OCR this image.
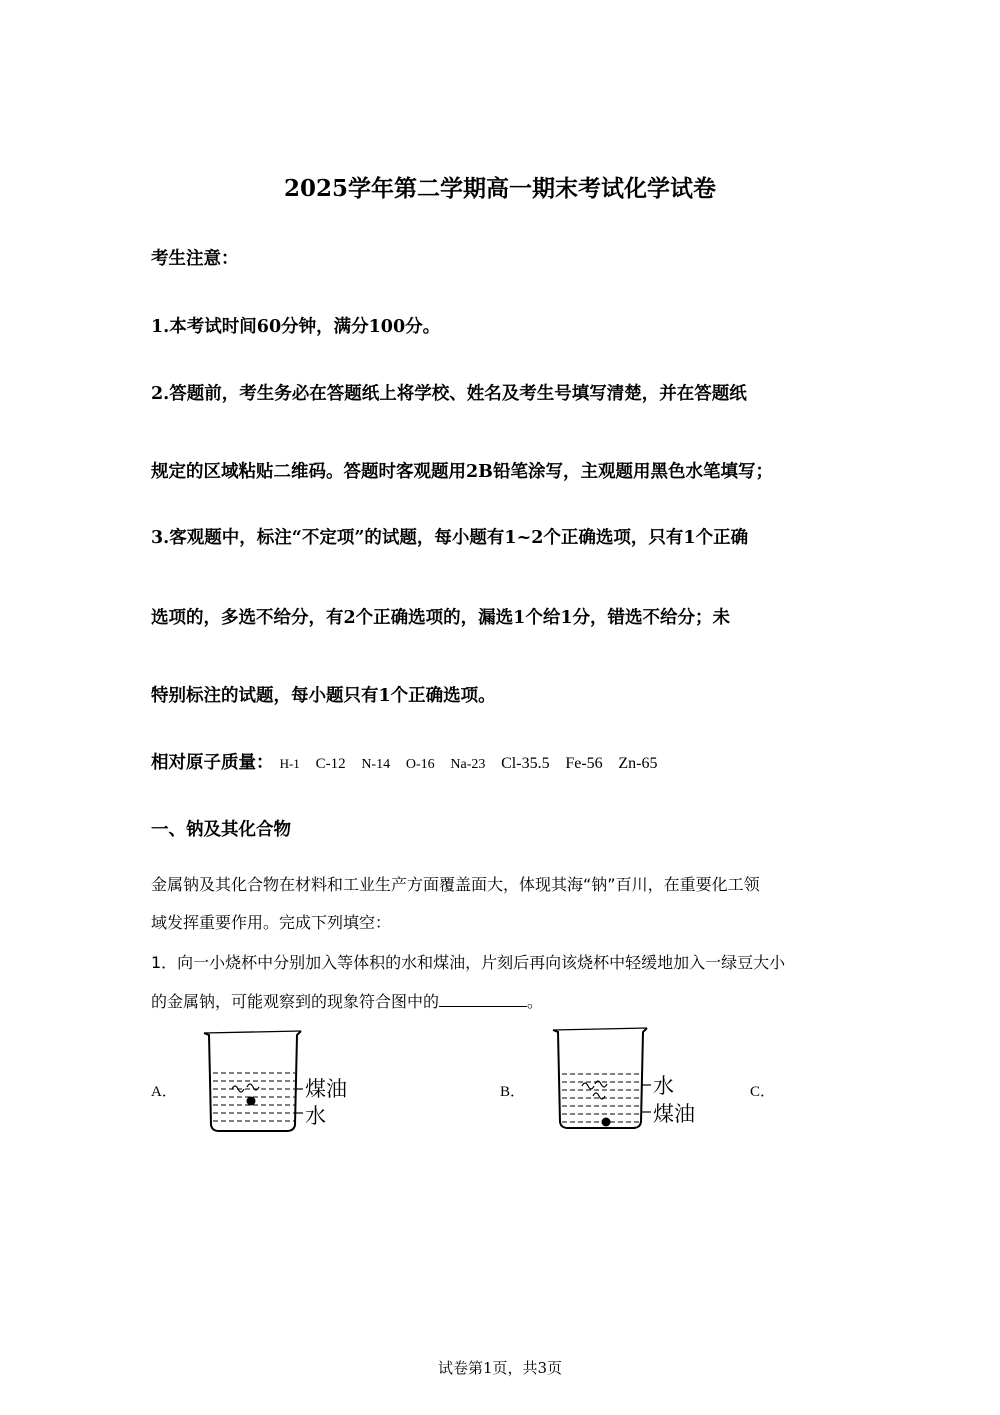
2025学年第二学期高一期末考试化学试卷
考生注意：
1.本考试时间60分钟，满分100分。
2.答题前，考生务必在答题纸上将学校、姓名及考生号填写清楚，并在答题纸
规定的区域粘贴二维码。答题时客观题用2B铅笔涂写，主观题用黑色水笔填写；
3.客观题中，标注“不定项”的试题，每小题有1~2个正确选项，只有1个正确
选项的，多选不给分，有2个正确选项的，漏选1个给1分，错选不给分；未
特别标注的试题，每小题只有1个正确选项。
相对原子质量： H-1 C-12 N-14 O-16 Na-23 Cl-35.5 Fe-56 Zn-65
一、钠及其化合物
金属钠及其化合物在材料和工业生产方面覆盖面大，体现其海“钠”百川，在重要化工领
域发挥重要作用。完成下列填空：
1．向一小烧杯中分别加入等体积的水和煤油，片刻后再向该烧杯中轻缓地加入一绿豆大小
的金属钠，可能观察到的现象符合图中的	。
A．	煤油
水
B．	水
煤油
C．
试卷第1页，共3页
